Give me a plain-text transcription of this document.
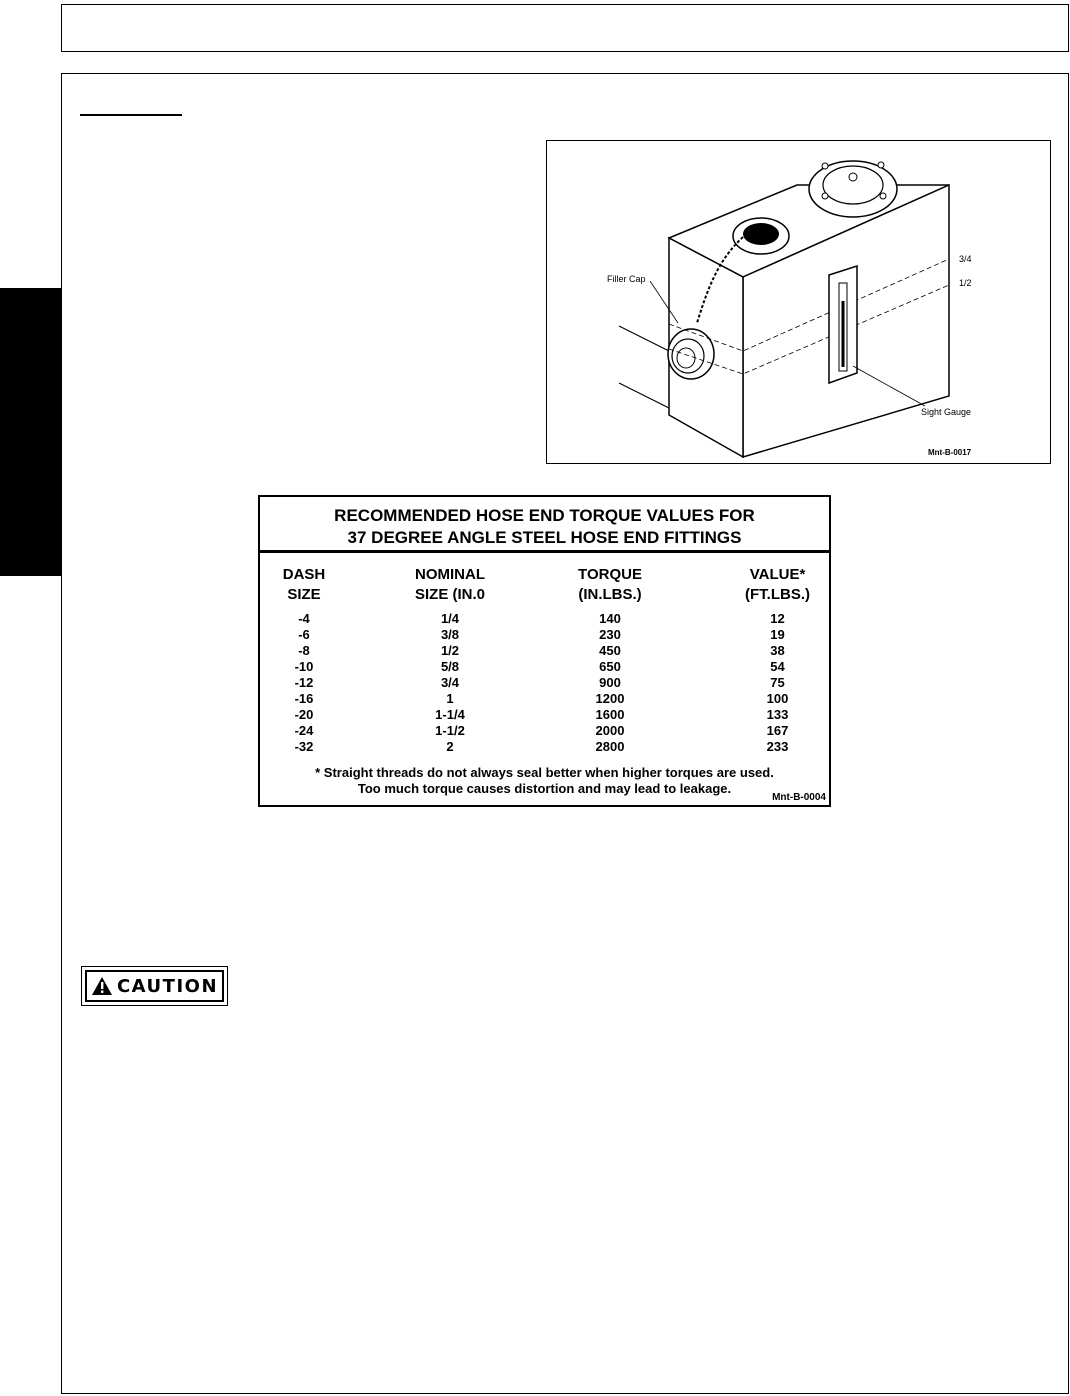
Filler Cap
3/4
1/2
Sight Gauge
Mnt-B-0017
RECOMMENDED HOSE END TORQUE VALUES FOR
37 DEGREE ANGLE STEEL HOSE END FITTINGS
DASH
SIZE
-4
-6
-8
-10
-12
-16
-20
-24
-32
NOMINAL
SIZE (IN.0
1/4
3/8
1/2
5/8
3/4
1
1-1/4
1-1/2
2
TORQUE
(IN.LBS.)
140
230
450
650
900
1200
1600
2000
2800
VALUE*
(FT.LBS.)
12
19
38
54
75
100
133
167
233
* Straight threads do not always seal better when higher torques are used.
Too much torque causes distortion and may lead to leakage.
Mnt-B-0004
CAUTION
